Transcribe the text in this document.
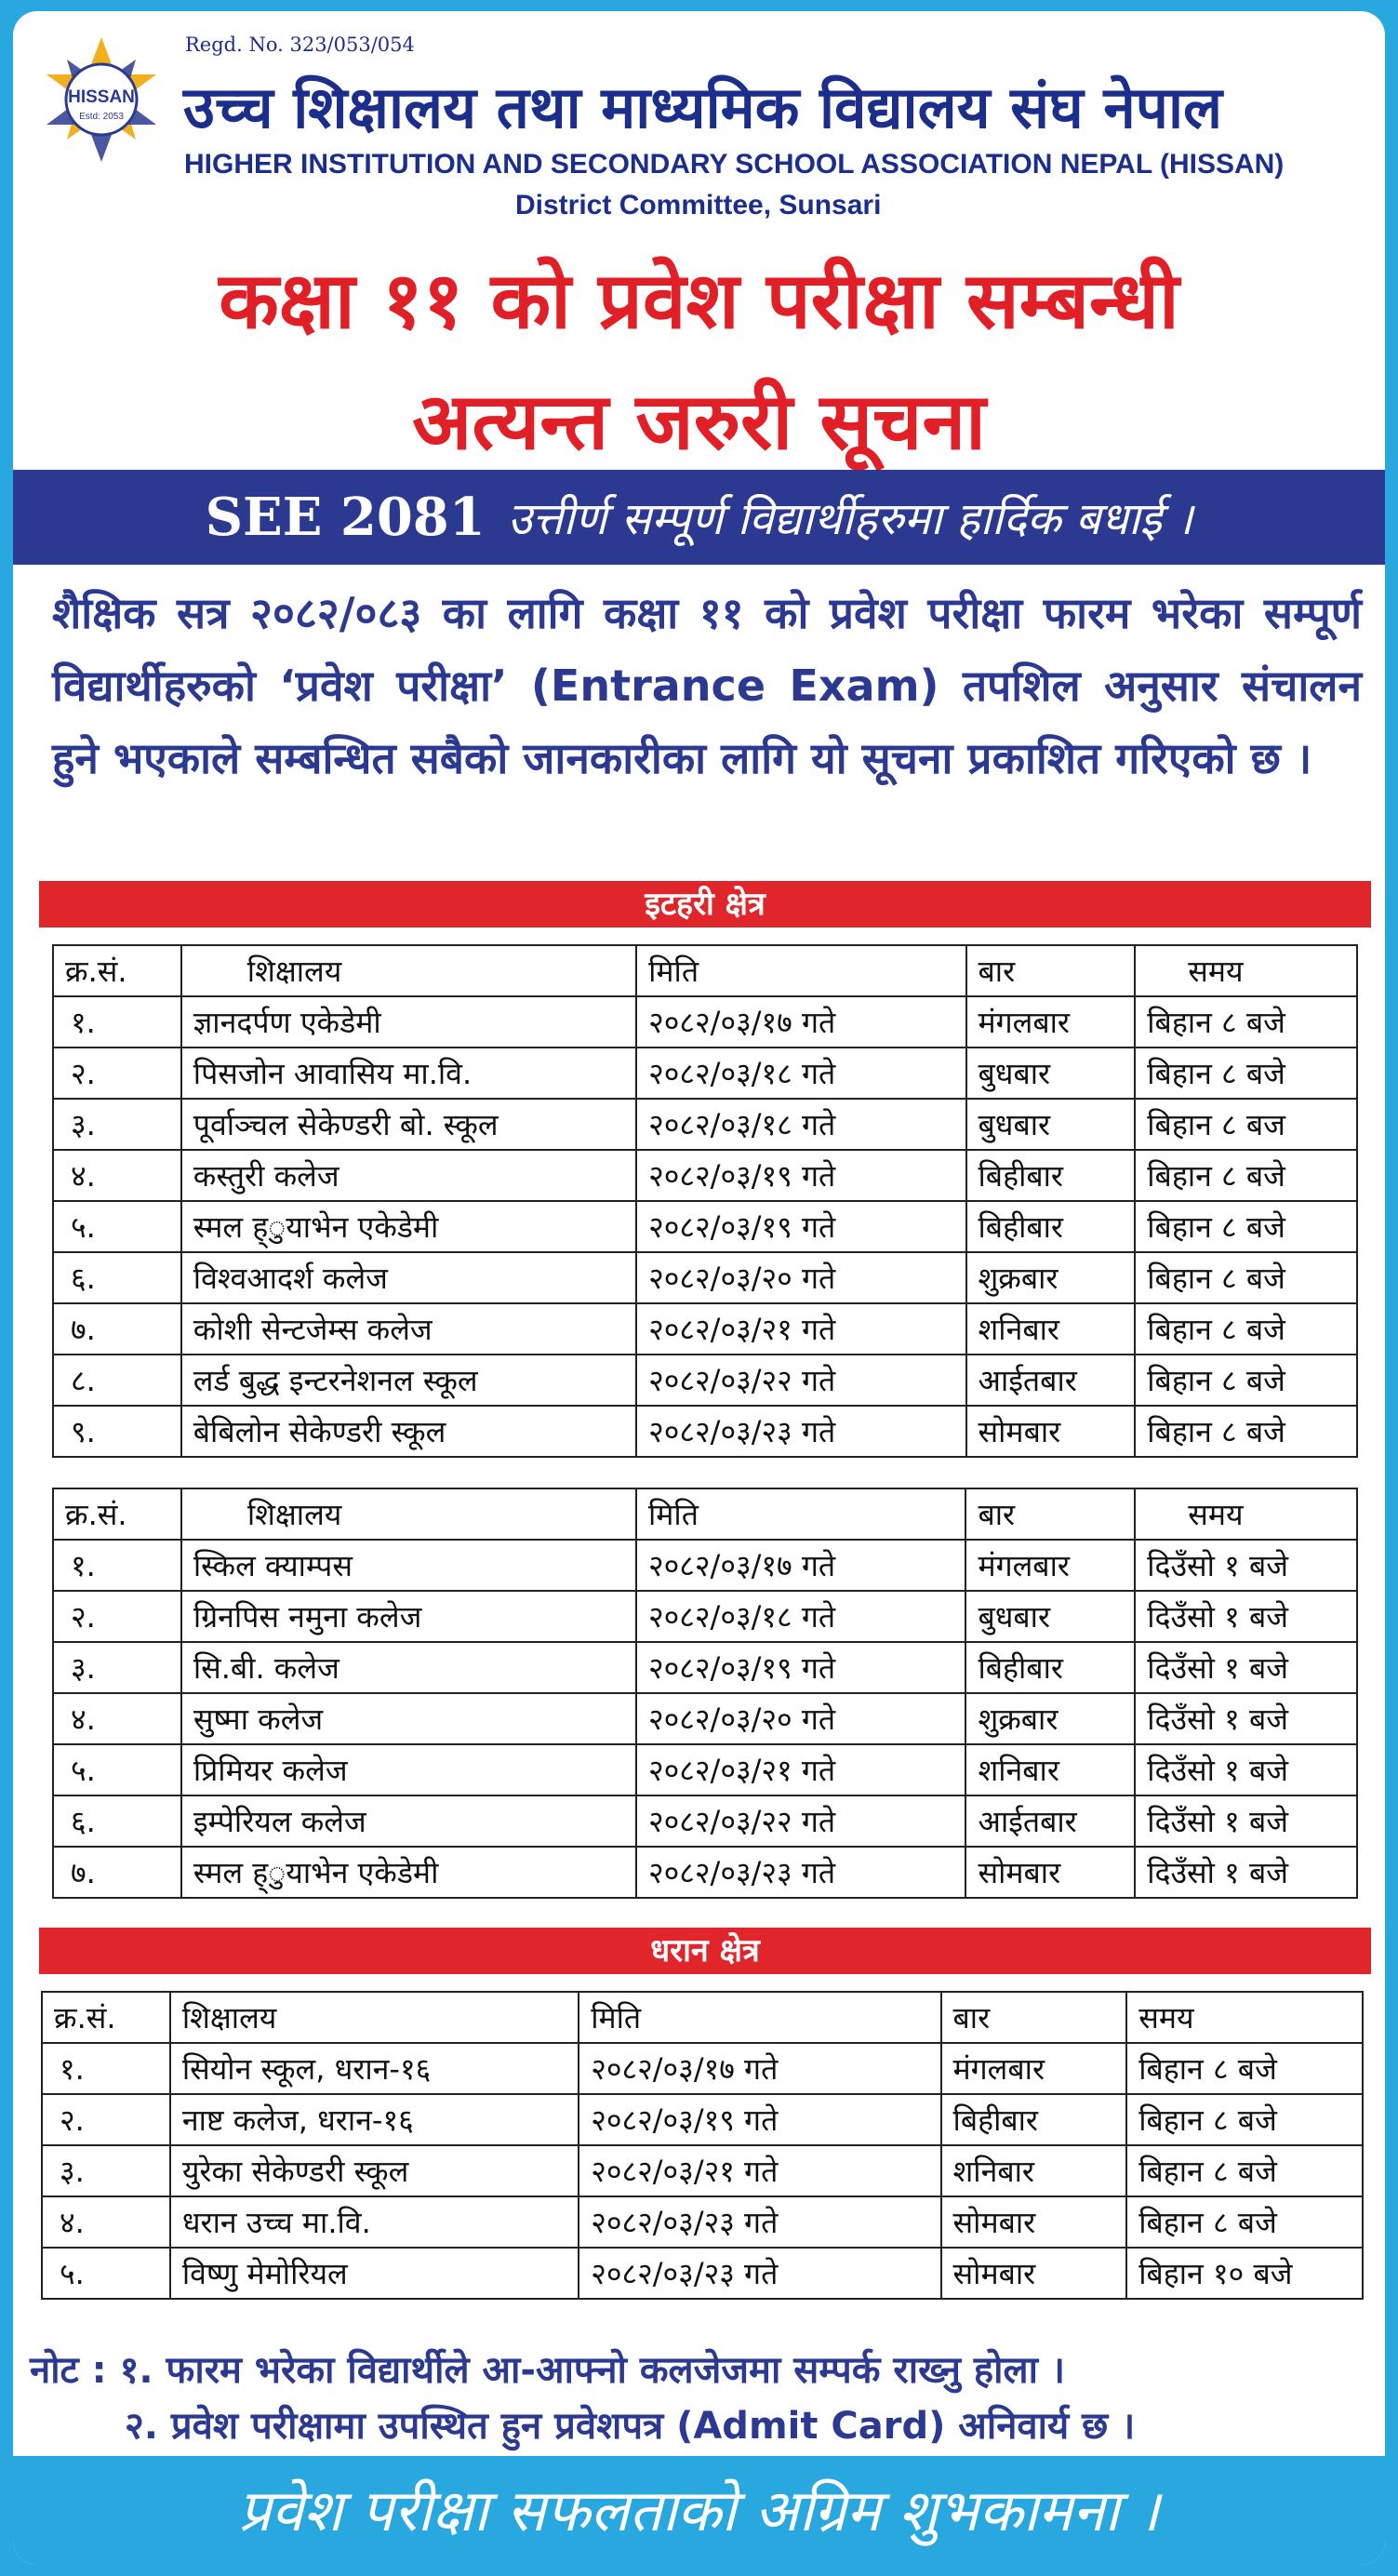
HISSAN
Estd: 2053
Regd. No. 323/053/054
उच्च शिक्षालय तथा माध्यमिक विद्यालय संघ नेपाल
HIGHER INSTITUTION AND SECONDARY SCHOOL ASSOCIATION NEPAL (HISSAN)
District Committee, Sunsari
कक्षा ११ को प्रवेश परीक्षा सम्बन्धी
अत्यन्त जरुरी सूचना
SEE 2081 उत्तीर्ण सम्पूर्ण विद्यार्थीहरुमा हार्दिक बधाई ।
शैक्षिक सत्र २०८२/०८३ का लागि कक्षा ११ को प्रवेश परीक्षा फारम भरेका सम्पूर्ण विद्यार्थीहरुको ‘प्रवेश परीक्षा’ (Entrance Exam) तपशिल अनुसार संचालन हुने भएकाले सम्बन्धित सबैको जानकारीका लागि यो सूचना प्रकाशित गरिएको छ ।
इटहरी क्षेत्र
क्र.सं.	शिक्षालय	मिति	बार	समय
१.	ज्ञानदर्पण एकेडेमी	२०८२/०३/१७ गते	मंगलबार	बिहान ८ बजे
२.	पिसजोन आवासिय मा.वि.	२०८२/०३/१८ गते	बुधबार	बिहान ८ बजे
३.	पूर्वाञ्चल सेकेण्डरी बो. स्कूल	२०८२/०३/१८ गते	बुधबार	बिहान ८ बज
४.	कस्तुरी कलेज	२०८२/०३/१९ गते	बिहीबार	बिहान ८ बजे
५.	स्मल ह्ुयाभेन एकेडेमी	२०८२/०३/१९ गते	बिहीबार	बिहान ८ बजे
६.	विश्वआदर्श कलेज	२०८२/०३/२० गते	शुक्रबार	बिहान ८ बजे
७.	कोशी सेन्टजेम्स कलेज	२०८२/०३/२१ गते	शनिबार	बिहान ८ बजे
८.	लर्ड बुद्ध इन्टरनेशनल स्कूल	२०८२/०३/२२ गते	आईतबार	बिहान ८ बजे
९.	बेबिलोन सेकेण्डरी स्कूल	२०८२/०३/२३ गते	सोमबार	बिहान ८ बजे
क्र.सं.	शिक्षालय	मिति	बार	समय
१.	स्किल क्याम्पस	२०८२/०३/१७ गते	मंगलबार	दिउँसो १ बजे
२.	ग्रिनपिस नमुना कलेज	२०८२/०३/१८ गते	बुधबार	दिउँसो १ बजे
३.	सि.बी. कलेज	२०८२/०३/१९ गते	बिहीबार	दिउँसो १ बजे
४.	सुष्मा कलेज	२०८२/०३/२० गते	शुक्रबार	दिउँसो १ बजे
५.	प्रिमियर कलेज	२०८२/०३/२१ गते	शनिबार	दिउँसो १ बजे
६.	इम्पेरियल कलेज	२०८२/०३/२२ गते	आईतबार	दिउँसो १ बजे
७.	स्मल ह्ुयाभेन एकेडेमी	२०८२/०३/२३ गते	सोमबार	दिउँसो १ बजे
धरान क्षेत्र
क्र.सं.	शिक्षालय	मिति	बार	समय
१.	सियोन स्कूल, धरान-१६	२०८२/०३/१७ गते	मंगलबार	बिहान ८ बजे
२.	नाष्ट कलेज, धरान-१६	२०८२/०३/१९ गते	बिहीबार	बिहान ८ बजे
३.	युरेका सेकेण्डरी स्कूल	२०८२/०३/२१ गते	शनिबार	बिहान ८ बजे
४.	धरान उच्च मा.वि.	२०८२/०३/२३ गते	सोमबार	बिहान ८ बजे
५.	विष्णु मेमोरियल	२०८२/०३/२३ गते	सोमबार	बिहान १० बजे
नोट : १. फारम भरेका विद्यार्थीले आ-आफ्नो कलजेजमा सम्पर्क राख्नु होला ।
२. प्रवेश परीक्षामा उपस्थित हुन प्रवेशपत्र (Admit Card) अनिवार्य छ ।
प्रवेश परीक्षा सफलताको अग्रिम शुभकामना ।
